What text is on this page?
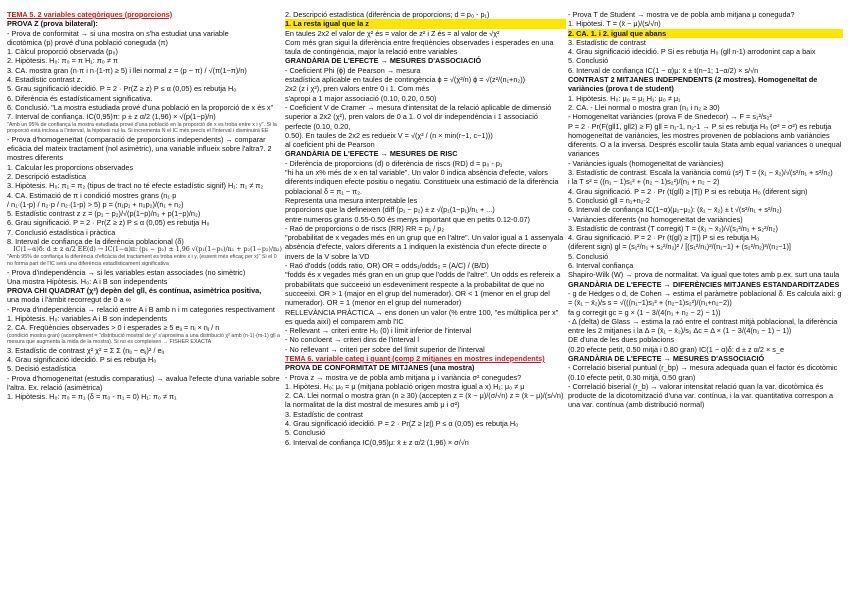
TEMA 5. 2 variables categòriques (proporcions)
PROVA Z (prova bilateral):
- Prova de conformitat → si una mostra on s'ha estudiat una variable
dicotòmica (p) prové d'una població coneguda (π)
1. Càlcul proporció observada (p₀)
2. Hipòtesis. H₀: π₀ = π H₁: π₀ ≠ π
3. CA. mostra gran (n·π i n·(1-π) ≥ 5) i llei normal z = (p − π) / √(π(1−π)/n)
4. Estadístic contrast z.
5. Grau significació idecidió. P = 2 · Pr(Z ≥ z) P ≤ α (0,05) es rebutja H₀
6. Diferència és estadísticament significativa.
6. Conclusió. "La mostra estudiada prové d'una població en la proporció de x és x"
7. Interval de confiança. IC(0,95)π: p ± z α/2 (1,96) × √(p(1−p)/n)
"Amb un 95% de confiança la mostra estudiada prové d'una població en la proporció de x es troba entre x i y". Si la proporció està inclosa a l'interval, la hipòtesi nul·la. Si incrementa N el IC més precís el l'interval i disminuirà EE
- Prova d'homogeneïtat (comparació de proporcions independents) → comparar eficàcia del mateix tractament (nol asimètric), una variable influeix sobre l'altra?. 2 mostres diferents
1. Calcular les proporcions observades
2. Descripció estadística
3. Hipòtesis. H₀: π₁ = π₂ (tipus de tract no té efecte estadístic signif) H₁: π₁ ≠ π₂
4. CA. Estimació de π i condició mostres grans (n₁·p
/ n₁·(1-p) / n₂·p / n₂·(1-p) > 5) p = (n₁p₁ + n₂p₂)/(n₁ + n₂)
5. Estadístic contrast z z = (p₁ − p₂)/√(p(1−p)/n₁ + p(1−p)/n₂)
6. Grau significació. P = 2 · Pr(Z ≥ z) P ≤ α (0,05) es rebutja H₀
7. Conclusió estadística i pràctica
8. Interval de confiança de la diferència poblacional (δ)
IC(1−α)δ: d ± z α/2 EE(d) → IC(1−α)π: (p₁ − p₂) ± 1,96 √(p₁(1−p₁)/n₁ + p₂(1−p₂)/n₂)
"Amb 95% de confiança la diferència d'eficàcia del tractament es troba entre x i y, (essent més eficaç per x)" Si el 0 no forma part de l'IC serà una diferència estadísticament significativa
- Prova d'independència → si les variables estan associades (no simètric)
Una mostra Hipòtesis. H₀: A i B son independents
PROVA CHI QUADRAT (χ²) depèn del gll, és contínua, asimètrica positiva,
una moda i l'àmbit recorregut de 0 a ∞
- Prova d'independència → relació entre A i B amb n i m categories respectivament
1. Hipòtesis. H₀: variables A i B son independents
2. CA. Freqüències observades > 0 i esperades ≥ 5 eᵢⱼ = nᵢ × nⱼ / n
(condició mostra gran) (acompliment = "distribució mostral de χ² s'aproxima a una distribució χ² amb (n-1)·(m-1) gll a mesura que augmenta la mida de la mostra). Si no es compleixen → FISHER EXACTA
3. Estadístic de contrast χ² χ² = Σ Σ (nᵢⱼ − eᵢⱼ)² / eᵢⱼ
4. Grau significació idecidió. P si es rebutja H₀
5. Decisió estadística
- Prova d'homogeneïtat (estudis comparatius) → avalua l'efecte d'una variable sobre l'altra. Ex. relació (asimètrica)
1. Hipòtesis. H₀: π₀ = π₁ (δ = π₀ - π₁ = 0) H₁: π₀ ≠ π₁
2. Descripció estadística (diferència de proporcions; d = p₀ - p₁)
1. La resta igual que la z
En taules 2x2 el valor de χ² és = valor de z² i Z és = al valor de √χ²
Com més gran sigui la diferència entre freqüències observades i esperades en una taula de contingència, major la relació entre variables
GRANDÀRIA DE L'EFECTE → MESURES D'ASSOCIACIÓ
- Coeficient Phi (ϕ) de Pearson → mesura
estadística aplicable en taules de contingència ϕ = √(χ²/n) ϕ = √(z²/(n₁+n₂))
2x2 (z i χ²), pren valors entre 0 i 1. Com més
s'apropi a 1 major associació (0.10, 0.20, 0.50)
- Coeficient V de Cramer → mesura d'intensitat de la relació aplicable de dimensió superior a 2x2 (χ²), pren valors de 0 a 1. 0 vol dir independència i 1 associació perfecte (0.10, 0.20,
0.50). En taules de 2x2 es redueix V = √(χ² / (n × min(r−1, c−1)))
al coeficient phi de Pearson
GRANDÀRIA DE L'EFECTE → MESURES DE RISC
- Diferència de proporcions (d) o diferència de riscs (RD) d = p₀ - p₁
"hi ha un x% més de x en tal variable". Un valor 0 indica absència d'efecte, valors diferents indiquen efecte positiu o negatiu. Constitueix una estimació de la diferència poblacional δ = π₁ − π₂.
Representa una mesura interpretable les
proporcions que la defineixen (diff (p₁ − p₂) ± z √(p₁(1−p₁)/n₁ + ...)
entre numeros grans 0.55-0.50 és menys important que en petits 0.12-0.07)
- Raó de proporcions o de riscs (RR) RR = p₁ / p₂
"probabilitat de x vegades més en un grup que en l'altre". Un valor igual a 1 assenyala absència d'efecte, valors diferents a 1 indiquen la existència d'un efecte directe o invers de la V sobre la VD
- Raó d'odds (odds ratio, OR) OR = odds₁/odds₂ = (A/C) / (B/D)
"fodds és x vegades més gran en un grup que l'odds de l'altre". Un odds es refereix a probabilitats que succeeixi un esdeveniment respecte a la probabilitat de que no succeeixi. OR > 1 (major en el grup del numerador). OR < 1 (menor en el grup del numerador). OR = 1 (menor en el grup del numerador)
RELLEVÀNCIA PRÀCTICA → ens donen un valor (% entre 100, "es múltiplica per x" es queda així) el comparem amb l'IC
- Rellevant → criteri entre H₀ (0) i límit inferior de l'interval
- No concloent → criteri dins de l'interval l
- No rellevant → criteri per sobre del límit superior de l'interval
TEMA 6. variable categ i quant (comp 2 mitjanes en mostres independents)
PROVA DE CONFORMITAT DE MITJANES (una mostra)
- Prova z → mostra ve de pobla amb mitjana μ i variància σ² conegudes?
1. Hipòtesi. H₀: μ₀ = μ (mitjana població origen mostra igual a x) H₁: μ₀ ≠ μ
2. CA. Llei normal o mostra gran (n ≥ 30) (accepten z = (x̄ − μ)/(σ/√n) z = (x̄ − μ)/(s/√n)
la normalitat de la dist mostral de mesures amb μ i σ²)
3. Estadístic de contrast
4. Grau significació idecidió. P = 2 · Pr(Z ≥ |z|) P ≤ α (0,05) es rebutja H₀
5. Conclusió
6. Interval de confiança IC(0,95)μ: x̄ ± z α/2 (1,96) × σ/√n
- Prova T de Student → mostra ve de pobla amb mitjana μ coneguda?
1. Hipòtesi. T = (x̄ − μ)/(s/√n)
2. CA. 1. i 2. igual que abans
3. Estadístic de contrast
4. Grau significació idecidió. P Si es rebutja H₀ (gll n-1) arrodonint cap a baix
5. Conclusió
6. Interval de confiança IC(1 − α)μ: x̄ ± t(n−1; 1−α/2) × s/√n
CONTRAST 2 MITJANES INDEPENDENTS (2 mostres). Homogeneïtat de variàncies (prova t de student)
1. Hipòtesis. H₀: μ₀ = μ₁ H₁: μ₀ ≠ μ₁
2. CA. - Llei normal o mostra gran (n₁ i n₂ ≥ 30)
- Homogeneïtat variàncies (prova F de Snedecor) → F = s₁²/s₂²
P = 2 · Pr(F(gll1, gll2) ≥ F) gll = n₁-1, n₂-1 → P si es rebutja H₀ (σ² = σ²) es rebutja homogeneïtat de variàncies, les mostres provenen de poblacions amb variàncies diferents. O a la inversa. Després escollir taula Stata amb equal variances o unequal variances
- Variàncies iguals (homogeneïtat de variàncies)
3. Estadístic de contrast. Escala la variància comú (s²) T = (x̄₁ − x̄₂)/√(s²/n₁ + s²/n₂)
i la T s² = ((n₁ − 1)s₁² + (n₂ − 1)s₂²)/(n₁ + n₂ − 2)
4. Grau significació. P = 2 · Pr (t(gll) ≥ |T|) P si es rebutja H₀ (diferent sign)
5. Conclusió gll = n₁+n₂-2
6. Interval de confiança IC(1−α)(μ₁−μ₂): (x̄₁ − x̄₂) ± t √(s²/n₁ + s²/n₂)
- Variàncies diferents (no homogeneïtat de variàncies)
3. Estadístic de contrast (T corregit) T = (x̄₁ − x̄₂)/√(s₁²/n₁ + s₂²/n₂)
4. Grau significació. P = 2 · Pr (t(gl) ≥ |T|) P si es rebutja H₀
(diferent sign) gl = (s₁²/n₁ + s₂²/n₂)² / [(s₁²/n₁)²/(n₁−1) + (s₂²/n₂)²/(n₂−1)]
5. Conclusió
6. Interval confiança
Shapiro-Wilk (W) → prova de normalitat. Va igual que totes amb p.ex. surt una taula
GRANDÀRIA DE L'EFECTE → DIFERÈNCIES MITJANES ESTANDARDITZADES
- g de Hedges o d, de Cohen → estima el paràmetre poblacional δ. Es calcula així: g = (x̄₁ − x̄₂)/s s = √(((n₁−1)s₁² + (n₂−1)s₂²)/(n₁+n₂−2))
fa g corregit gc = g × (1 − 3/(4(n₁ + n₂ − 2) − 1))
- Δ (delta) de Glass → estima la raó entre el contrast mitjà poblacional, la diferència entre les 2 mitjanes i la Δ = (x̄₁ − x̄₂)/s₁ Δc = Δ × (1 − 3/(4(n₁ − 1) − 1))
DE d'una de les dues poblacions
(0.20 efecte petit, 0.50 mitjà i 0.80 gran) IC(1 − α)δ: d ± z α/2 × s_e
GRANDÀRIA DE L'EFECTE → MESURES D'ASSOCIACIÓ
- Correlació biserial puntual (r_bp) → mesura adequada quan el factor és dicotòmic (0.10 efecte petit, 0.30 mitjà, 0.50 gran)
- Correlació biserial (r_b) → valorar intensitat relació quan la var. dicotòmica és producte de la dicotomització d'una var. contínua, i la var. quantitativa correspon a una var. contínua (amb distribució normal)
